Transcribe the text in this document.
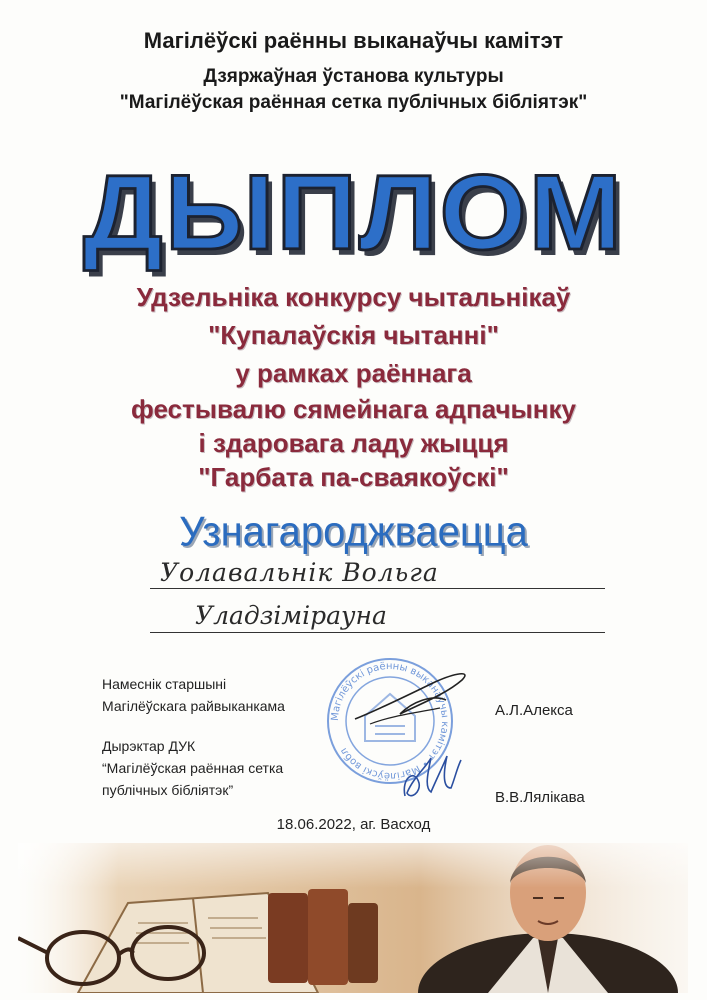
Магілёўскі раённы выканаўчы камітэт
Дзяржаўная ўстанова культуры
"Магілёўская раённая сетка публічных бібліятэк"
ДЫПЛОМ
Удзельніка конкурсу чытальнікаў
"Купалаўскія чытанні"
у рамках раённага
фестывалю сямейнага адпачынку
і здаровага ладу жыцця
"Гарбата па-сваякоўскі"
Узнагароджваецца
Уолавальнік Вольга
Уладзімірауна
Магілёўскі раённы выканаўчы камітэт • Магілёўскі вобл
Намеснік старшыні
Магілёўскага райвыканкама	А.Л.Алекса
Дырэктар ДУК
“Магілёўская раённая сетка
публічных бібліятэк”	В.В.Лялікава
18.06.2022, аг. Васход
